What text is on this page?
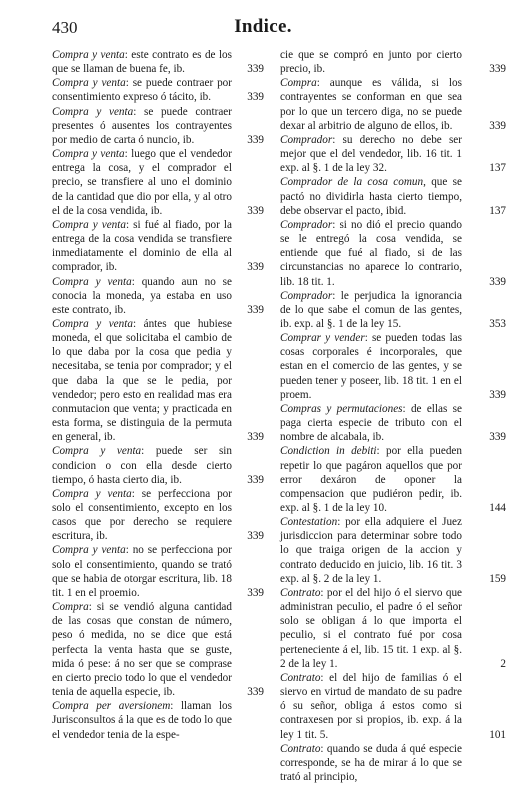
430	Indice.
Compra y venta: este contrato es de los que se llaman de buena fe, ib.	339
Compra y venta: se puede contraer por consentimiento expreso ó tácito, ib.	339
Compra y venta: se puede contraer presentes ó ausentes los contrayentes por medio de carta ó nuncio, ib.	339
Compra y venta: luego que el vendedor entrega la cosa, y el comprador el precio, se transfiere al uno el dominio de la cantidad que dio por ella, y al otro el de la cosa vendida, ib.	339
Compra y venta: si fué al fiado, por la entrega de la cosa vendida se transfiere inmediatamente el dominio de ella al comprador, ib.	339
Compra y venta: quando aun no se conocia la moneda, ya estaba en uso este contrato, ib.	339
Compra y venta: ántes que hubiese moneda, el que solicitaba el cambio de lo que daba por la cosa que pedia y necesitaba, se tenia por comprador; y el que daba la que se le pedia, por vendedor; pero esto en realidad mas era conmutacion que venta; y practicada en esta forma, se distinguia de la permuta en general, ib.	339
Compra y venta: puede ser sin condicion o con ella desde cierto tiempo, ó hasta cierto dia, ib.	339
Compra y venta: se perfecciona por solo el consentimiento, excepto en los casos que por derecho se requiere escritura, ib.	339
Compra y venta: no se perfecciona por solo el consentimiento, quando se trató que se habia de otorgar escritura, lib. 18 tit. 1 en el proemio.	339
Compra: si se vendió alguna cantidad de las cosas que constan de número, peso ó medida, no se dice que está perfecta la venta hasta que se guste, mida ó pese: á no ser que se comprase en cierto precio todo lo que el vendedor tenia de aquella especie, ib.	339
Compra per aversionem: llaman los Jurisconsultos á la que es de todo lo que el vendedor tenia de la espe-
cie que se compró en junto por cierto precio, ib.	339
Compra: aunque es válida, si los contrayentes se conforman en que sea por lo que un tercero diga, no se puede dexar al arbitrio de alguno de ellos, ib.	339
Comprador: su derecho no debe ser mejor que el del vendedor, lib. 16 tit. 1 exp. al §. 1 de la ley 32.	137
Comprador de la cosa comun, que se pactó no dividirla hasta cierto tiempo, debe observar el pacto, ibid.	137
Comprador: si no dió el precio quando se le entregó la cosa vendida, se entiende que fué al fiado, si de las circunstancias no aparece lo contrario, lib. 18 tit. 1.	339
Comprador: le perjudica la ignorancia de lo que sabe el comun de las gentes, ib. exp. al §. 1 de la ley 15.	353
Comprar y vender: se pueden todas las cosas corporales é incorporales, que estan en el comercio de las gentes, y se pueden tener y poseer, lib. 18 tit. 1 en el proem.	339
Compras y permutaciones: de ellas se paga cierta especie de tributo con el nombre de alcabala, ib.	339
Condiction in debiti: por ella pueden repetir lo que pagáron aquellos que por error dexáron de oponer la compensacion que pudiéron pedir, ib. exp. al §. 1 de la ley 10.	144
Contestation: por ella adquiere el Juez jurisdiccion para determinar sobre todo lo que traiga origen de la accion y contrato deducido en juicio, lib. 16 tit. 3 exp. al §. 2 de la ley 1.	159
Contrato: por el del hijo ó el siervo que administran peculio, el padre ó el señor solo se obligan á lo que importa el peculio, si el contrato fué por cosa perteneciente á el, lib. 15 tit. 1 exp. al §. 2 de la ley 1.	2
Contrato: el del hijo de familias ó el siervo en virtud de mandato de su padre ó su señor, obliga á estos como si contraxesen por si propios, ib. exp. á la ley 1 tit. 5.	101
Contrato: quando se duda á qué especie corresponde, se ha de mirar á lo que se trató al principio,
